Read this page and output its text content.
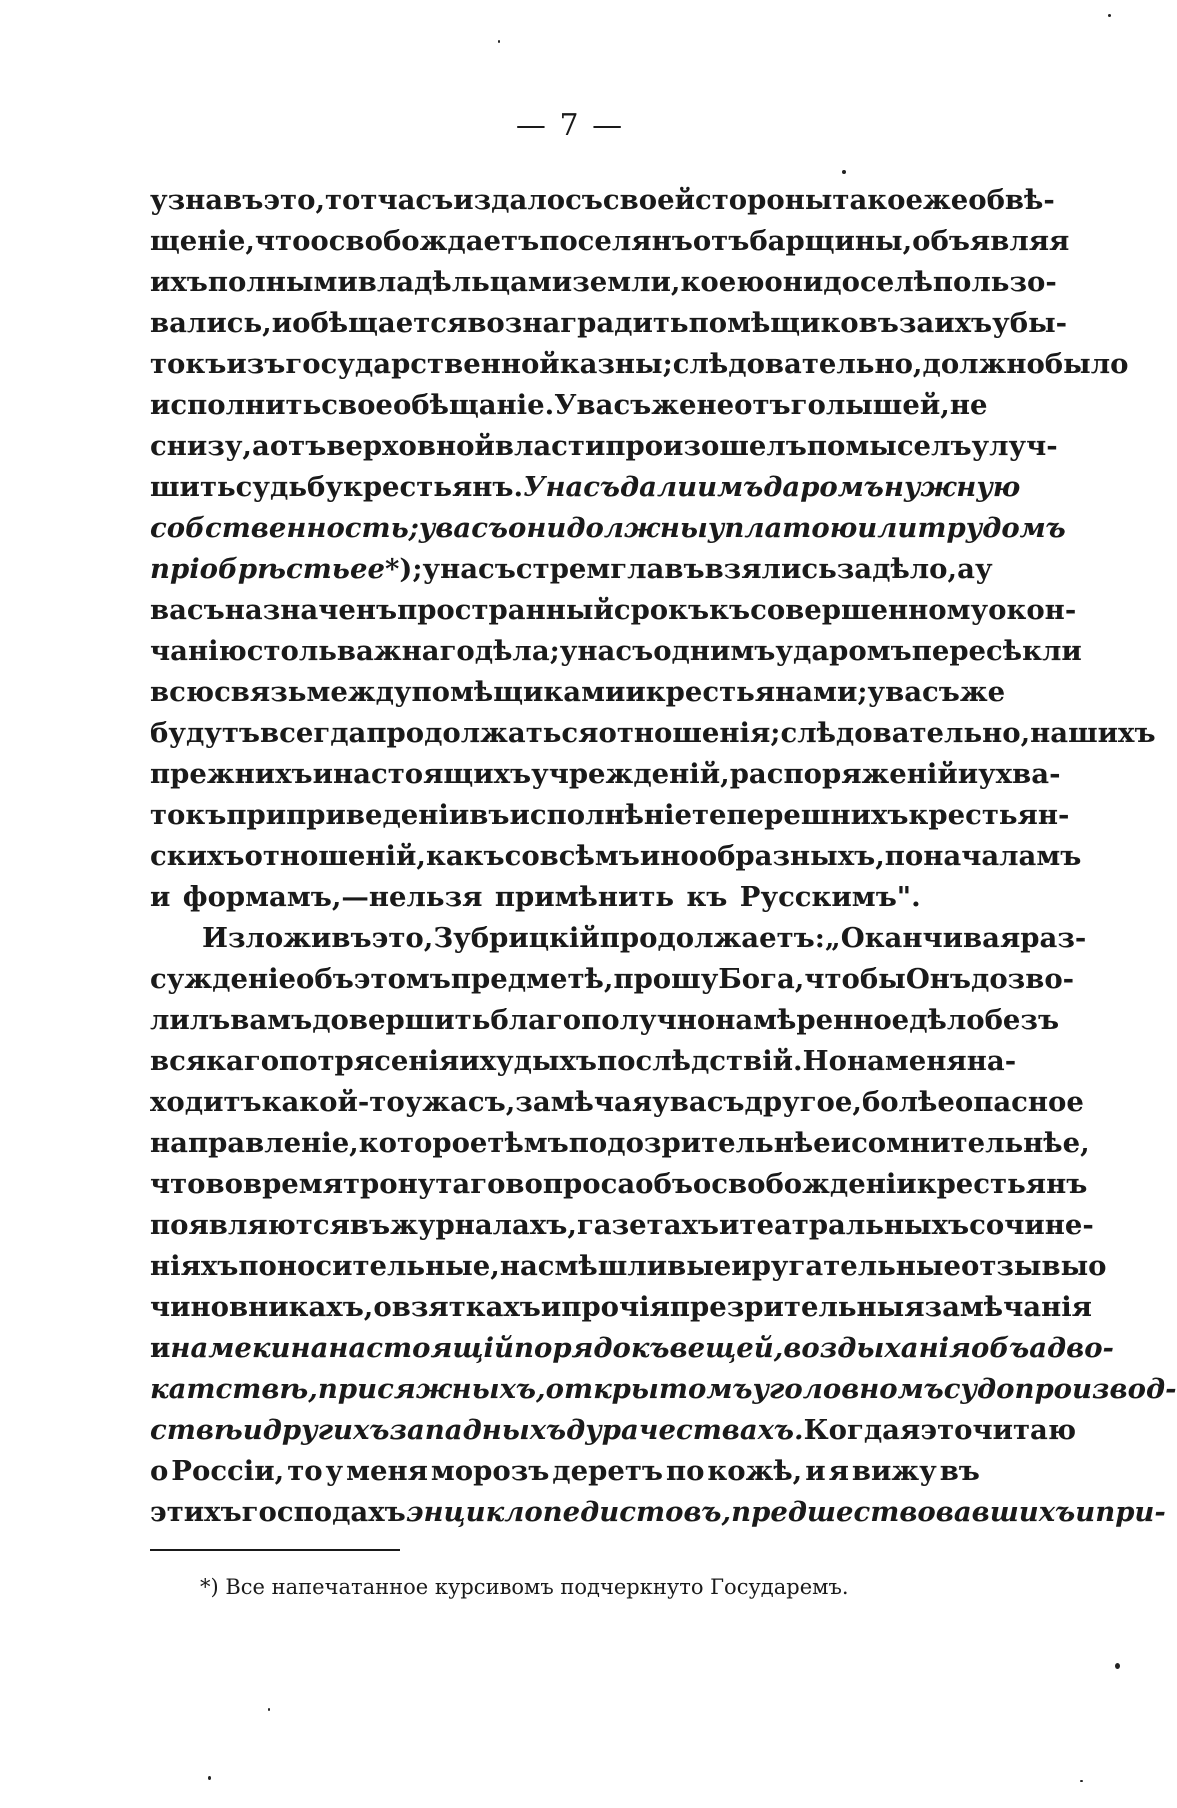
— 7 —
узнавъ это, тотчасъ издало съ своей стороны такое же обвѣ-
щеніе, что освобождаетъ поселянъ отъ барщины, объявляя
ихъ полными владѣльцами земли, коею они доселѣ пользо-
вались, и обѣщается вознаградить помѣщиковъ за ихъ убы-
токъ изъ государственной казны; слѣдовательно, должно было
исполнить свое обѣщаніе. У васъ же не отъ голышей, не
снизу, а отъ верховной власти произошелъ помыселъ улуч-
шить судьбу крестьянъ. У насъ дали имъ даромъ нужную
собственность; у васъ они должны уплатою или трудомъ
пріобрѣсть ее *); у насъ стремглавъ взялись за дѣло, а у
васъ назначенъ пространный срокъ къ совершенному окон-
чанію столь важнаго дѣла; у насъ однимъ ударомъ пересѣкли
всю связь между помѣщиками и крестьянами; у васъ же
будутъ всегда продолжаться отношенія; слѣдовательно, нашихъ
прежнихъ и настоящихъ учрежденій, распоряженій и ухва-
токъ при приведеніи въ исполнѣніе теперешнихъ крестьян-
скихъ отношеній, какъ совсѣмъ инообразныхъ, по началамъ
и формамъ,—нельзя примѣнить къ Русскимъ".
Изложивъ это, Зубрицкій продолжаетъ: „Оканчивая раз-
сужденіе объ этомъ предметѣ, прошу Бога, чтобы Онъ дозво-
лилъ вамъ довершить благополучно намѣренное дѣло безъ
всякаго потрясенія и худыхъ послѣдствій. Но на меня на-
ходитъ какой-то ужасъ, замѣчая у васъ другое, болѣе опасное
направленіе, которое тѣмъ подозрительнѣе и сомнительнѣе,
что во время тронутаго вопроса объ освобожденіи крестьянъ
появляются въ журналахъ, газетахъ и театральныхъ сочине-
ніяхъ поносительные, насмѣшливые и ругательные отзывы о
чиновникахъ, о взяткахъ и прочія презрительныя замѣчанія
и намеки на настоящій порядокъ вещей, воздыханія объ адво-
катствѣ, присяжныхъ, открытомъ уголовномъ судопроизвод-
ствѣ и другихъ западныхъ дурачествахъ. Когда я это читаю
о Россіи, то у меня морозъ деретъ по кожѣ, и я вижу въ
этихъ господахъ энциклопедистовъ, предшествовавшихъ и при-
*) Все напечатанное курсивомъ подчеркнуто Государемъ.
